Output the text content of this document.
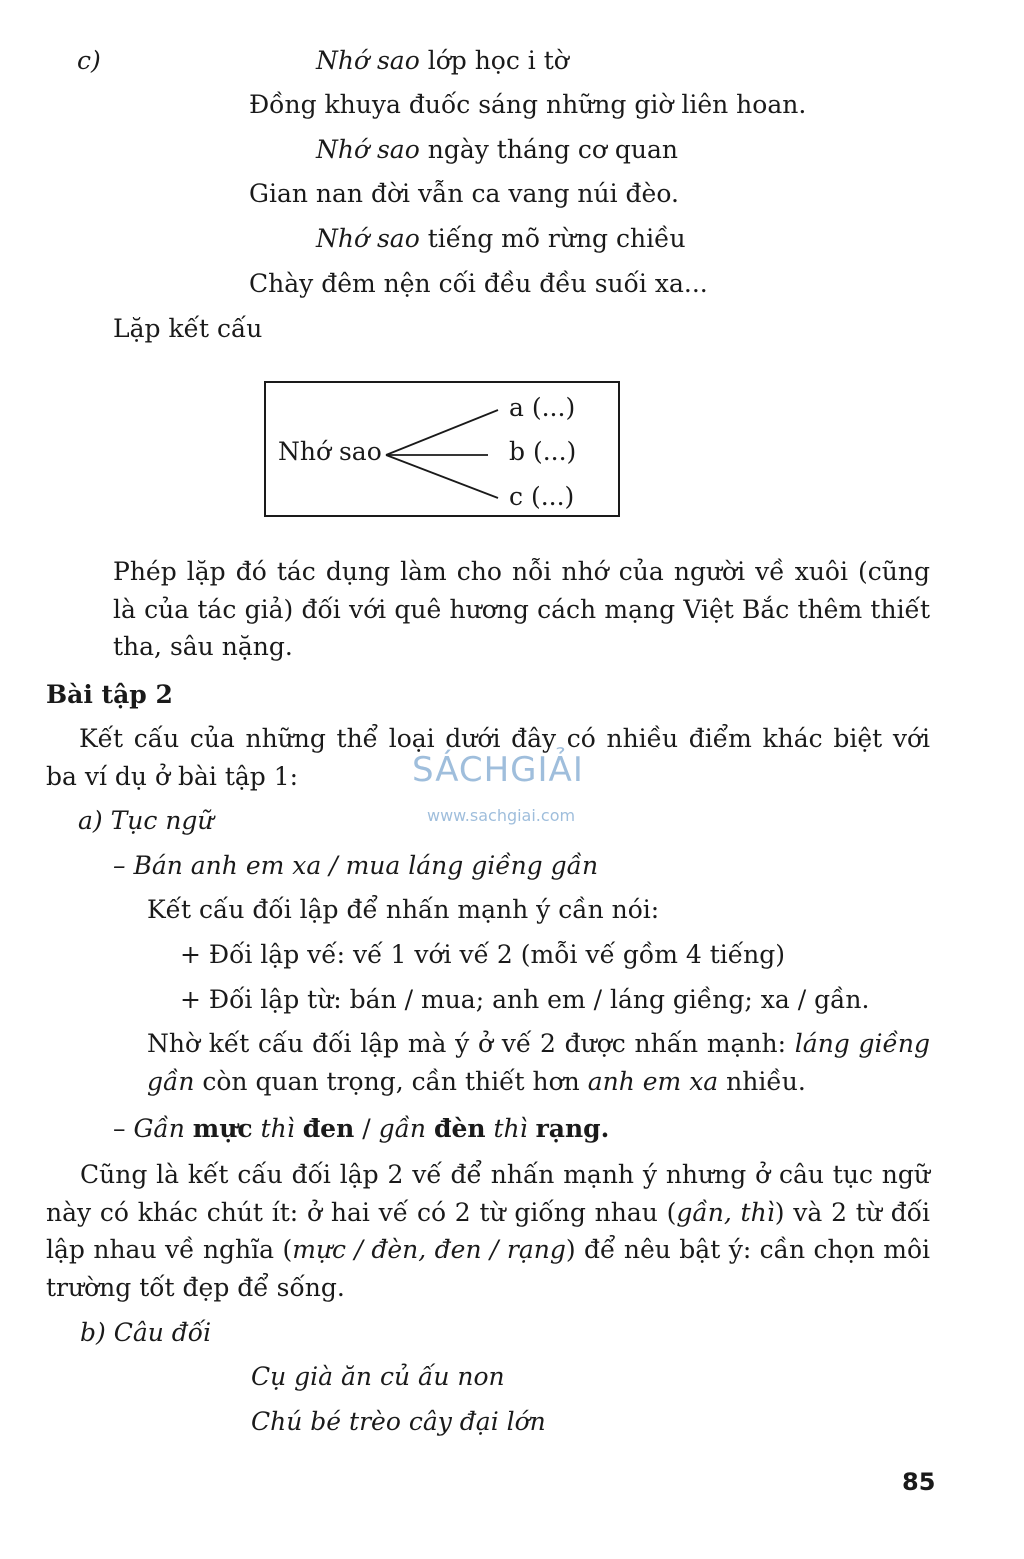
c)	Nhớ sao lớp học i tờ
Đồng khuya đuốc sáng những giờ liên hoan.
Nhớ sao ngày tháng cơ quan
Gian nan đời vẫn ca vang núi đèo.
Nhớ sao tiếng mõ rừng chiều
Chày đêm nện cối đều đều suối xa...
Lặp kết cấu
Nhớ sao
a (...)
b (...)
c (...)
Phép lặp đó tác dụng làm cho nỗi nhớ của người về xuôi (cũng là của tác giả) đối với quê hương cách mạng Việt Bắc thêm thiết tha, sâu nặng.
Bài tập 2
Kết cấu của những thể loại dưới đây có nhiều điểm khác biệt với ba ví dụ ở bài tập 1:	SÁCHGIẢI
www.sachgiai.com
a) Tục ngữ
– Bán anh em xa / mua láng giềng gần
Kết cấu đối lập để nhấn mạnh ý cần nói:
+ Đối lập vế: vế 1 với vế 2 (mỗi vế gồm 4 tiếng)
+ Đối lập từ: bán / mua; anh em / láng giềng; xa / gần.
Nhờ kết cấu đối lập mà ý ở vế 2 được nhấn mạnh: láng giềng gần còn quan trọng, cần thiết hơn anh em xa nhiều.
– Gần mực thì đen / gần đèn thì rạng.
Cũng là kết cấu đối lập 2 vế để nhấn mạnh ý nhưng ở câu tục ngữ này có khác chút ít: ở hai vế có 2 từ giống nhau (gần, thì) và 2 từ đối lập nhau về nghĩa (mực / đèn, đen / rạng) để nêu bật ý: cần chọn môi trường tốt đẹp để sống.
b) Câu đối
Cụ già ăn củ ấu non
Chú bé trèo cây đại lớn
85
